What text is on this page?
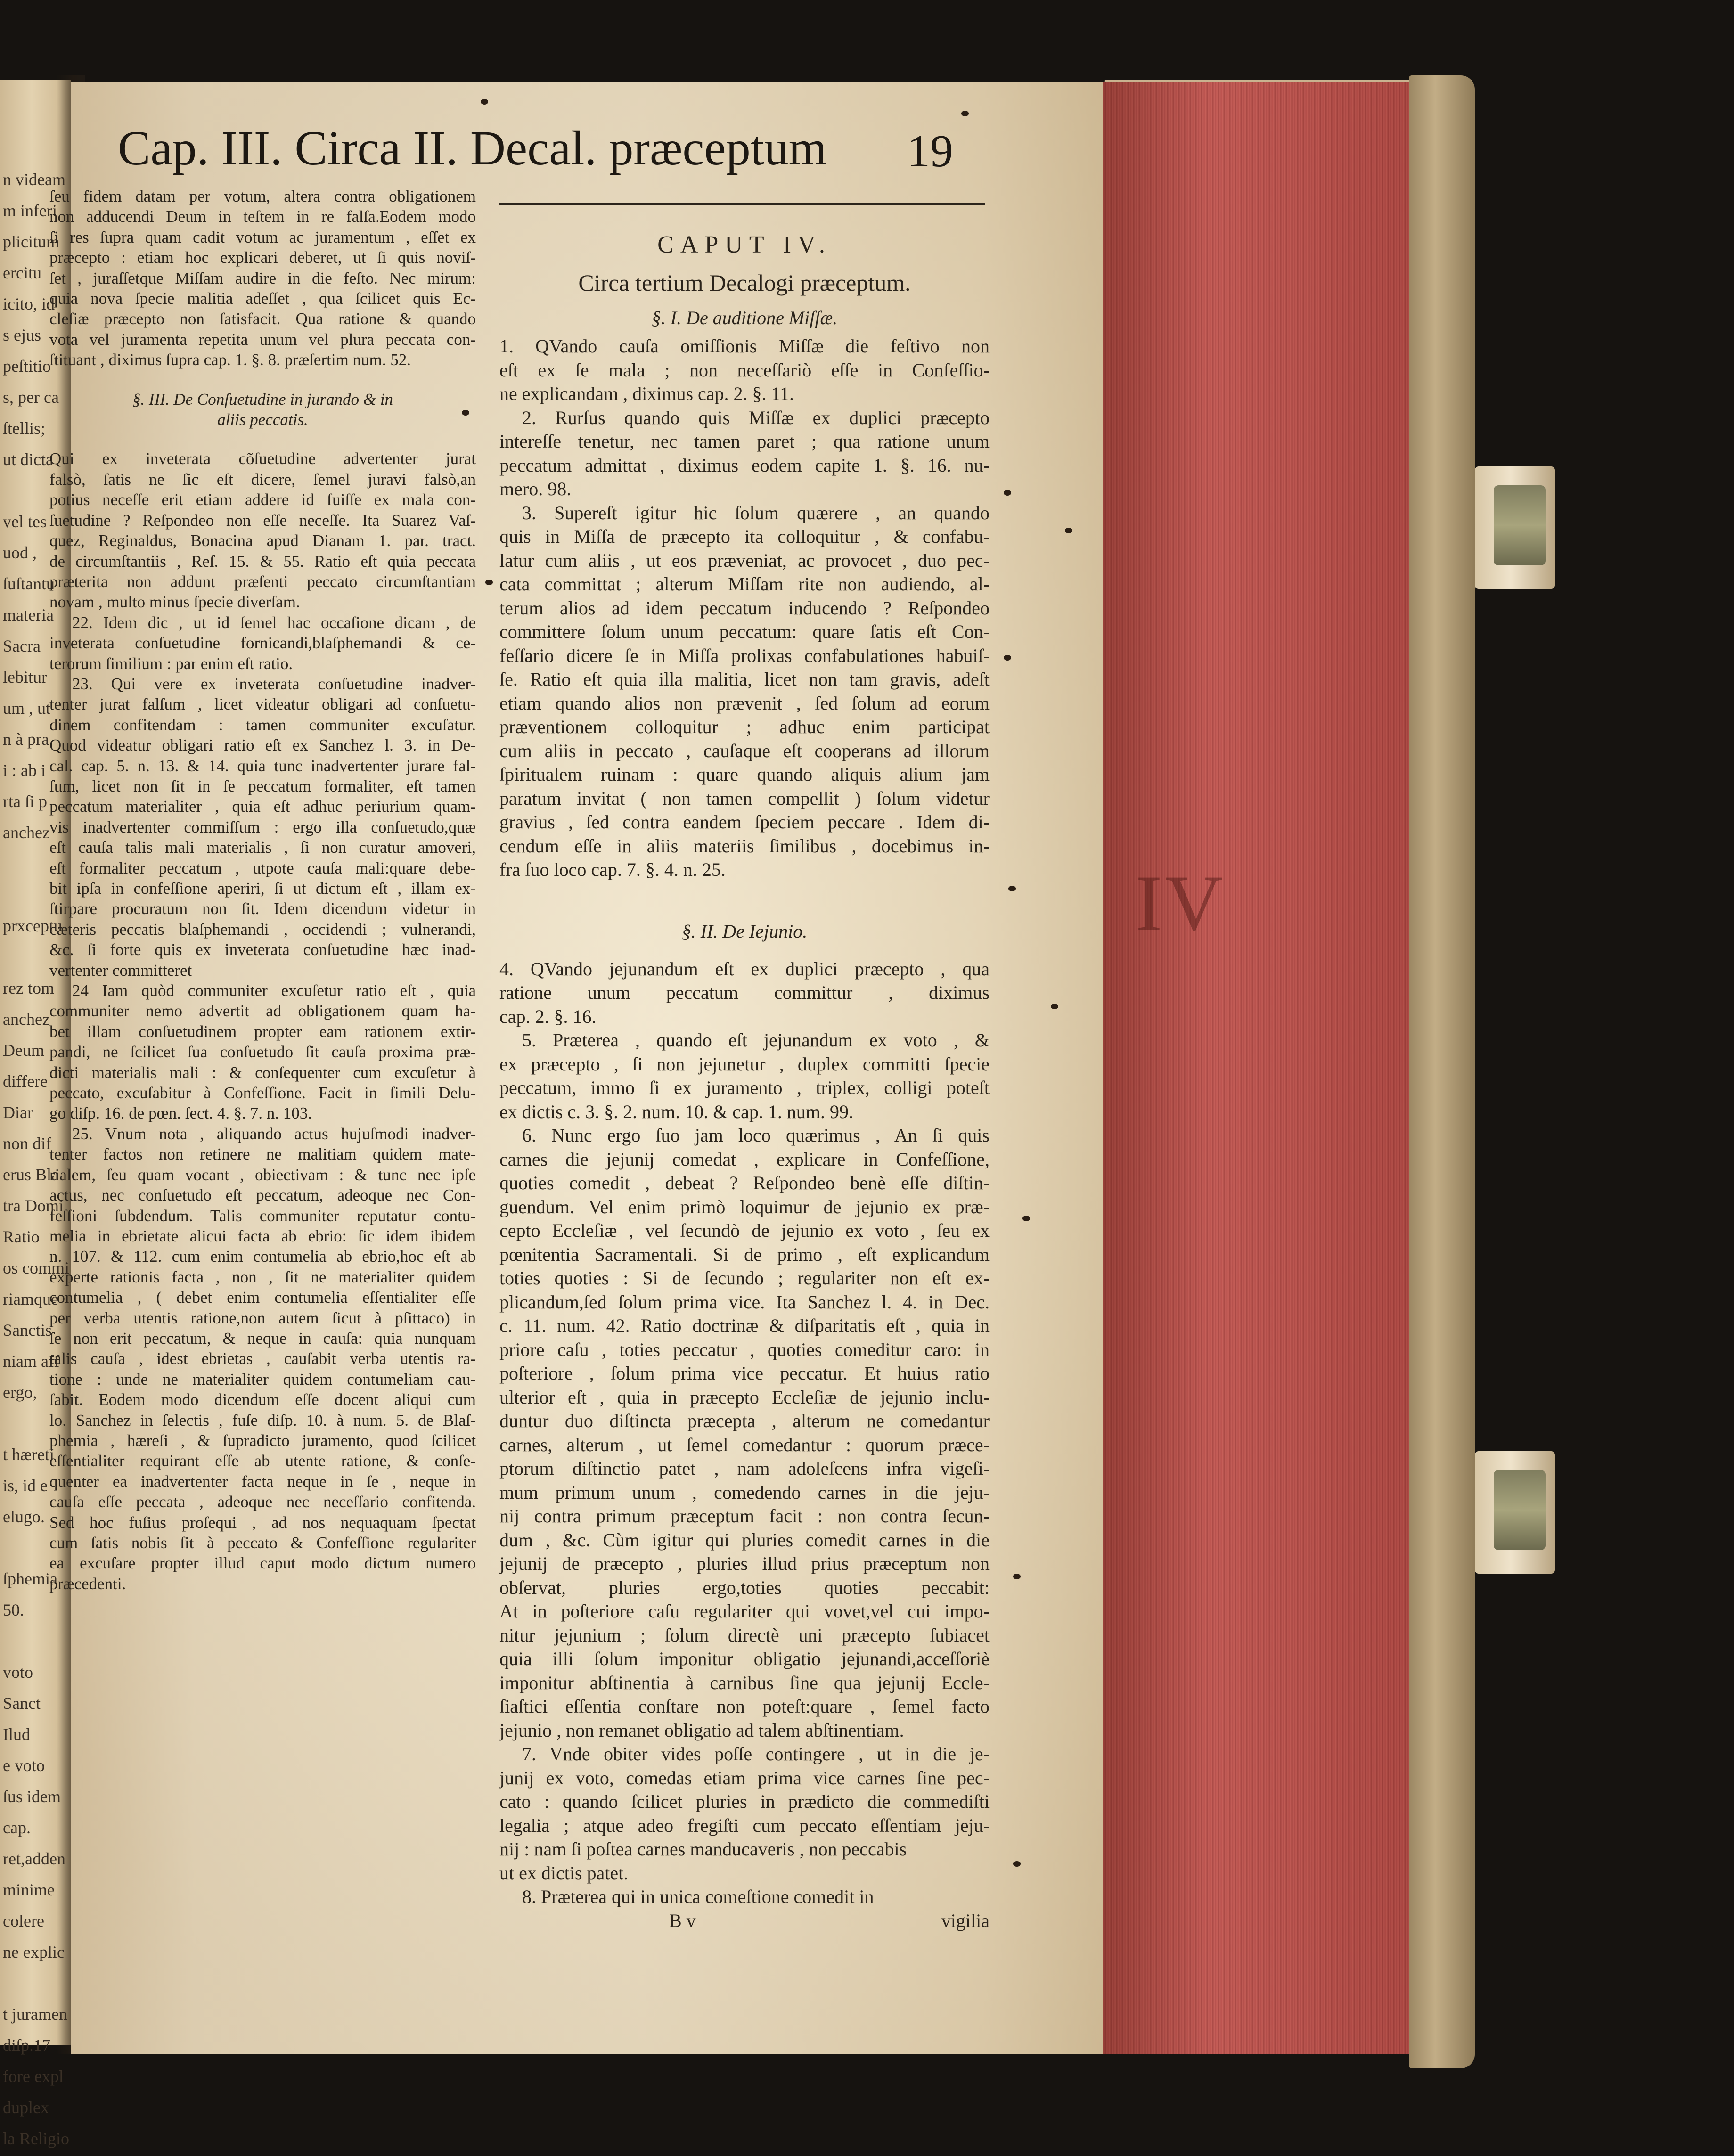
n videam
m inferi
plicitum
ercitu
icito, id
s ejus
peſtitio
s, per ca
ſtellis;
ut dicta
vel tes
uod ,
ſuſtantu
materia
Sacra
lebitur
um , ut
n à pra
i : ab i
rta ſi p
anchez
prxceptu
rez tom
anchez
Deum
differe
Diar
non dif
erus Bla
tra Domi
Ratio
os commi
riamque
Sanctis
niam aff
ergo,
t hæreti
is, id e
elugo.
ſphemia
50.
voto
Sanct
Ilud
e voto
ſus idem
cap.
ret,adden
minime
colere
ne explic
t juramen
diſp.17
fore expl
duplex
la Religio
IV
Cap. III. Circa II. Decal. præceptum	19
ſeu fidem datam per votum, altera contra obligationem
non adducendi Deum in teſtem in re falſa.Eodem modo
ſi res ſupra quam cadit votum ac juramentum , eſſet ex
præcepto : etiam hoc explicari deberet, ut ſi quis noviſ-
ſet , juraſſetque Miſſam audire in die feſto. Nec mirum:
quia nova ſpecie malitia adeſſet , qua ſcilicet quis Ec-
cleſiæ præcepto non ſatisfacit. Qua ratione & quando
vota vel juramenta repetita unum vel plura peccata con-
ſtituant , diximus ſupra cap. 1. §. 8. præſertim num. 52.
§. III. De Conſuetudine in jurando & in
aliis peccatis.
Qui ex inveterata cõſuetudine advertenter jurat
falsò, ſatis ne ſic eſt dicere, ſemel juravi falsò,an
potius neceſſe erit etiam addere id fuiſſe ex mala con-
ſuetudine ? Reſpondeo non eſſe neceſſe. Ita Suarez Vaſ-
quez, Reginaldus, Bonacina apud Dianam 1. par. tract.
de circumſtantiis , Reſ. 15. & 55. Ratio eſt quia peccata
præterita non addunt præſenti peccato circumſtantiam
novam , multo minus ſpecie diverſam.
22. Idem dic , ut id ſemel hac occaſione dicam , de
inveterata conſuetudine fornicandi,blaſphemandi & ce-
terorum ſimilium : par enim eſt ratio.
23. Qui vere ex inveterata conſuetudine inadver-
tenter jurat falſum , licet videatur obligari ad conſuetu-
dinem confitendam : tamen communiter excuſatur.
Quod videatur obligari ratio eſt ex Sanchez l. 3. in De-
cal. cap. 5. n. 13. & 14. quia tunc inadvertenter jurare fal-
ſum, licet non ſit in ſe peccatum formaliter, eſt tamen
peccatum materialiter , quia eſt adhuc periurium quam-
vis inadvertenter commiſſum : ergo illa conſuetudo,quæ
eſt cauſa talis mali materialis , ſi non curatur amoveri,
eſt formaliter peccatum , utpote cauſa mali:quare debe-
bit ipſa in confeſſione aperiri, ſi ut dictum eſt , illam ex-
ſtirpare procuratum non ſit. Idem dicendum videtur in
cæteris peccatis blaſphemandi , occidendi ; vulnerandi,
&c. ſi forte quis ex inveterata conſuetudine hæc inad-
vertenter committeret
24 Iam quòd communiter excuſetur ratio eſt , quia
communiter nemo advertit ad obligationem quam ha-
bet illam conſuetudinem propter eam rationem extir-
pandi, ne ſcilicet ſua conſuetudo ſit cauſa proxima præ-
dicti materialis mali : & conſequenter cum excuſetur à
peccato, excuſabitur à Confeſſione. Facit in ſimili Delu-
go diſp. 16. de pœn. ſect. 4. §. 7. n. 103.
25. Vnum nota , aliquando actus hujuſmodi inadver-
tenter factos non retinere ne malitiam quidem mate-
rialem, ſeu quam vocant , obiectivam : & tunc nec ipſe
actus, nec conſuetudo eſt peccatum, adeoque nec Con-
feſſioni ſubdendum. Talis communiter reputatur contu-
melia in ebrietate alicui facta ab ebrio: ſic idem ibidem
n. 107. & 112. cum enim contumelia ab ebrio,hoc eſt ab
experte rationis facta , non , ſit ne materialiter quidem
contumelia , ( debet enim contumelia eſſentialiter eſſe
per verba utentis ratione,non autem ſicut à pſittaco) in
ſe non erit peccatum, & neque in cauſa: quia nunquam
talis cauſa , idest ebrietas , cauſabit verba utentis ra-
tione : unde ne materialiter quidem contumeliam cau-
ſabit. Eodem modo dicendum eſſe docent aliqui cum
lo. Sanchez in ſelectis , fuſe diſp. 10. à num. 5. de Blaſ-
phemia , hæreſi , & ſupradicto juramento, quod ſcilicet
eſſentialiter requirant eſſe ab utente ratione, & conſe-
quenter ea inadvertenter facta neque in ſe , neque in
cauſa eſſe peccata , adeoque nec neceſſario confitenda.
Sed hoc fuſius proſequi , ad nos nequaquam ſpectat
cum ſatis nobis ſit à peccato & Confeſſione regulariter
ea excuſare propter illud caput modo dictum numero
præcedenti.
CAPUT IV.
Circa tertium Decalogi præceptum.
§. I. De auditione Miſſæ.
1. QVando cauſa omiſſionis Miſſæ die feſtivo non
eſt ex ſe mala ; non neceſſariò eſſe in Confeſſio-
ne explicandam , diximus cap. 2. §. 11.
2. Rurſus quando quis Miſſæ ex duplici præcepto
intereſſe tenetur, nec tamen paret ; qua ratione unum
peccatum admittat , diximus eodem capite 1. §. 16. nu-
mero. 98.
3. Supereſt igitur hic ſolum quærere , an quando
quis in Miſſa de præcepto ita colloquitur , & confabu-
latur cum aliis , ut eos præveniat, ac provocet , duo pec-
cata committat ; alterum Miſſam rite non audiendo, al-
terum alios ad idem peccatum inducendo ? Reſpondeo
committere ſolum unum peccatum: quare ſatis eſt Con-
feſſario dicere ſe in Miſſa prolixas confabulationes habuiſ-
ſe. Ratio eſt quia illa malitia, licet non tam gravis, adeſt
etiam quando alios non prævenit , ſed ſolum ad eorum
præventionem colloquitur ; adhuc enim participat
cum aliis in peccato , cauſaque eſt cooperans ad illorum
ſpiritualem ruinam : quare quando aliquis alium jam
paratum invitat ( non tamen compellit ) ſolum videtur
gravius , ſed contra eandem ſpeciem peccare . Idem di-
cendum eſſe in aliis materiis ſimilibus , docebimus in-
fra ſuo loco cap. 7. §. 4. n. 25.
§. II. De Iejunio.
4. QVando jejunandum eſt ex duplici præcepto , qua
ratione unum peccatum committur , diximus
cap. 2. §. 16.
5. Præterea , quando eſt jejunandum ex voto , &
ex præcepto , ſi non jejunetur , duplex committi ſpecie
peccatum, immo ſi ex juramento , triplex, colligi poteſt
ex dictis c. 3. §. 2. num. 10. & cap. 1. num. 99.
6. Nunc ergo ſuo jam loco quærimus , An ſi quis
carnes die jejunij comedat , explicare in Confeſſione,
quoties comedit , debeat ? Reſpondeo benè eſſe diſtin-
guendum. Vel enim primò loquimur de jejunio ex præ-
cepto Eccleſiæ , vel ſecundò de jejunio ex voto , ſeu ex
pœnitentia Sacramentali. Si de primo , eſt explicandum
toties quoties : Si de ſecundo ; regulariter non eſt ex-
plicandum,ſed ſolum prima vice. Ita Sanchez l. 4. in Dec.
c. 11. num. 42. Ratio doctrinæ & diſparitatis eſt , quia in
priore caſu , toties peccatur , quoties comeditur caro: in
poſteriore , ſolum prima vice peccatur. Et huius ratio
ulterior eſt , quia in præcepto Eccleſiæ de jejunio inclu-
duntur duo diſtincta præcepta , alterum ne comedantur
carnes, alterum , ut ſemel comedantur : quorum præce-
ptorum diſtinctio patet , nam adoleſcens infra vigeſi-
mum primum unum , comedendo carnes in die jeju-
nij contra primum præceptum facit : non contra ſecun-
dum , &c. Cùm igitur qui pluries comedit carnes in die
jejunij de præcepto , pluries illud prius præceptum non
obſervat, pluries ergo,toties quoties peccabit:
At in poſteriore caſu regulariter qui vovet,vel cui impo-
nitur jejunium ; ſolum directè uni præcepto ſubiacet
quia illi ſolum imponitur obligatio jejunandi,acceſſoriè
imponitur abſtinentia à carnibus ſine qua jejunij Eccle-
ſiaſtici eſſentia conſtare non poteſt:quare , ſemel facto
jejunio , non remanet obligatio ad talem abſtinentiam.
7. Vnde obiter vides poſſe contingere , ut in die je-
junij ex voto, comedas etiam prima vice carnes ſine pec-
cato : quando ſcilicet pluries in prædicto die commediſti
legalia ; atque adeo fregiſti cum peccato eſſentiam jeju-
nij : nam ſi poſtea carnes manducaveris , non peccabis
ut ex dictis patet.
8. Præterea qui in unica comeſtione comedit in
B v	vigilia
